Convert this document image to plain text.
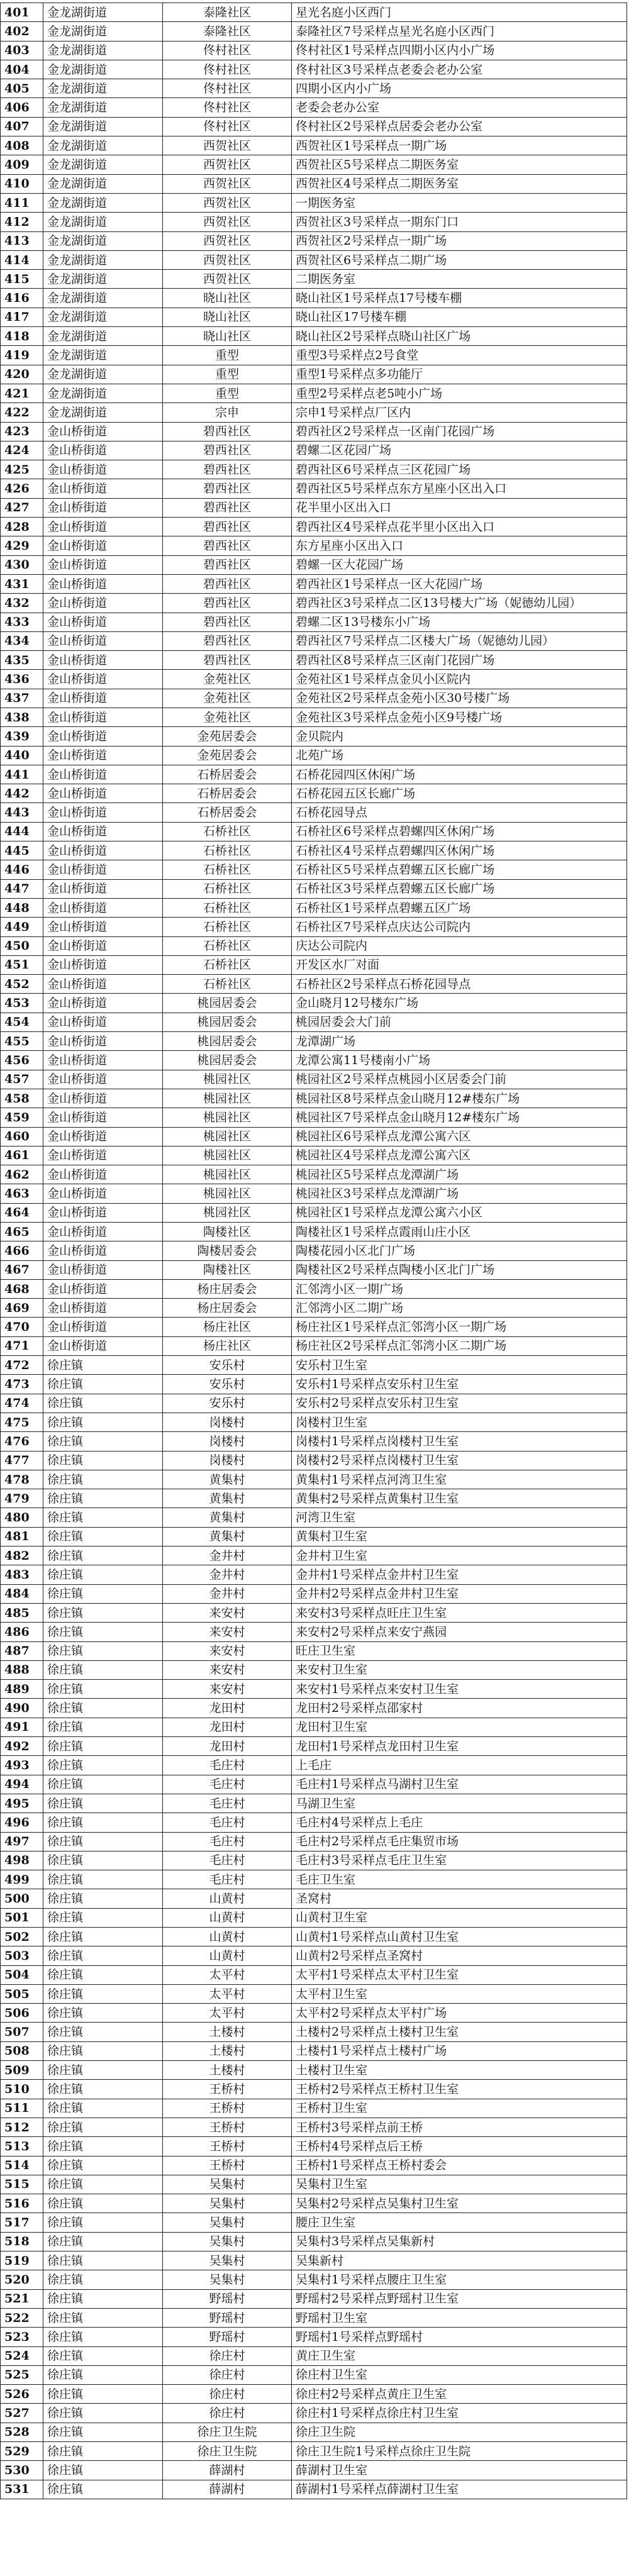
401	金龙湖街道	泰隆社区	星光名庭小区西门
402	金龙湖街道	泰隆社区	泰隆社区7号采样点星光名庭小区西门
403	金龙湖街道	佟村社区	佟村社区1号采样点四期小区内小广场
404	金龙湖街道	佟村社区	佟村社区3号采样点老委会老办公室
405	金龙湖街道	佟村社区	四期小区内小广场
406	金龙湖街道	佟村社区	老委会老办公室
407	金龙湖街道	佟村社区	佟村社区2号采样点居委会老办公室
408	金龙湖街道	西贺社区	西贺社区1号采样点一期广场
409	金龙湖街道	西贺社区	西贺社区5号采样点二期医务室
410	金龙湖街道	西贺社区	西贺社区4号采样点二期医务室
411	金龙湖街道	西贺社区	一期医务室
412	金龙湖街道	西贺社区	西贺社区3号采样点一期东门口
413	金龙湖街道	西贺社区	西贺社区2号采样点一期广场
414	金龙湖街道	西贺社区	西贺社区6号采样点二期广场
415	金龙湖街道	西贺社区	二期医务室
416	金龙湖街道	晓山社区	晓山社区1号采样点17号楼车棚
417	金龙湖街道	晓山社区	晓山社区17号楼车棚
418	金龙湖街道	晓山社区	晓山社区2号采样点晓山社区广场
419	金龙湖街道	重型	重型3号采样点2号食堂
420	金龙湖街道	重型	重型1号采样点多功能厅
421	金龙湖街道	重型	重型2号采样点老5吨小广场
422	金龙湖街道	宗申	宗申1号采样点厂区内
423	金山桥街道	碧西社区	碧西社区2号采样点一区南门花园广场
424	金山桥街道	碧西社区	碧螺二区花园广场
425	金山桥街道	碧西社区	碧西社区6号采样点三区花园广场
426	金山桥街道	碧西社区	碧西社区5号采样点东方星座小区出入口
427	金山桥街道	碧西社区	花半里小区出入口
428	金山桥街道	碧西社区	碧西社区4号采样点花半里小区出入口
429	金山桥街道	碧西社区	东方星座小区出入口
430	金山桥街道	碧西社区	碧螺一区大花园广场
431	金山桥街道	碧西社区	碧西社区1号采样点一区大花园广场
432	金山桥街道	碧西社区	碧西社区3号采样点二区13号楼大广场（妮德幼儿园）
433	金山桥街道	碧西社区	碧螺二区13号楼东小广场
434	金山桥街道	碧西社区	碧西社区7号采样点二区楼大广场（妮德幼儿园）
435	金山桥街道	碧西社区	碧西社区8号采样点三区南门花园广场
436	金山桥街道	金苑社区	金苑社区1号采样点金贝小区院内
437	金山桥街道	金苑社区	金苑社区2号采样点金苑小区30号楼广场
438	金山桥街道	金苑社区	金苑社区3号采样点金苑小区9号楼广场
439	金山桥街道	金苑居委会	金贝院内
440	金山桥街道	金苑居委会	北苑广场
441	金山桥街道	石桥居委会	石桥花园四区休闲广场
442	金山桥街道	石桥居委会	石桥花园五区长廊广场
443	金山桥街道	石桥居委会	石桥花园导点
444	金山桥街道	石桥社区	石桥社区6号采样点碧螺四区休闲广场
445	金山桥街道	石桥社区	石桥社区4号采样点碧螺四区休闲广场
446	金山桥街道	石桥社区	石桥社区5号采样点碧螺五区长廊广场
447	金山桥街道	石桥社区	石桥社区3号采样点碧螺五区长廊广场
448	金山桥街道	石桥社区	石桥社区1号采样点碧螺五区广场
449	金山桥街道	石桥社区	石桥社区7号采样点庆达公司院内
450	金山桥街道	石桥社区	庆达公司院内
451	金山桥街道	石桥社区	开发区水厂对面
452	金山桥街道	石桥社区	石桥社区2号采样点石桥花园导点
453	金山桥街道	桃园居委会	金山晓月12号楼东广场
454	金山桥街道	桃园居委会	桃园居委会大门前
455	金山桥街道	桃园居委会	龙潭湖广场
456	金山桥街道	桃园居委会	龙潭公寓11号楼南小广场
457	金山桥街道	桃园社区	桃园社区2号采样点桃园小区居委会门前
458	金山桥街道	桃园社区	桃园社区8号采样点金山晓月12#楼东广场
459	金山桥街道	桃园社区	桃园社区7号采样点金山晓月12#楼东广场
460	金山桥街道	桃园社区	桃园社区6号采样点龙潭公寓六区
461	金山桥街道	桃园社区	桃园社区4号采样点龙潭公寓六区
462	金山桥街道	桃园社区	桃园社区5号采样点龙潭湖广场
463	金山桥街道	桃园社区	桃园社区3号采样点龙潭湖广场
464	金山桥街道	桃园社区	桃园社区1号采样点龙潭公寓六小区
465	金山桥街道	陶楼社区	陶楼社区1号采样点霞雨山庄小区
466	金山桥街道	陶楼居委会	陶楼花园小区北门广场
467	金山桥街道	陶楼社区	陶楼社区2号采样点陶楼小区北门广场
468	金山桥街道	杨庄居委会	汇邻湾小区一期广场
469	金山桥街道	杨庄居委会	汇邻湾小区二期广场
470	金山桥街道	杨庄社区	杨庄社区1号采样点汇邻湾小区一期广场
471	金山桥街道	杨庄社区	杨庄社区2号采样点汇邻湾小区二期广场
472	徐庄镇	安乐村	安乐村卫生室
473	徐庄镇	安乐村	安乐村1号采样点安乐村卫生室
474	徐庄镇	安乐村	安乐村2号采样点安乐村卫生室
475	徐庄镇	岗楼村	岗楼村卫生室
476	徐庄镇	岗楼村	岗楼村1号采样点岗楼村卫生室
477	徐庄镇	岗楼村	岗楼村2号采样点岗楼村卫生室
478	徐庄镇	黄集村	黄集村1号采样点河湾卫生室
479	徐庄镇	黄集村	黄集村2号采样点黄集村卫生室
480	徐庄镇	黄集村	河湾卫生室
481	徐庄镇	黄集村	黄集村卫生室
482	徐庄镇	金井村	金井村卫生室
483	徐庄镇	金井村	金井村1号采样点金井村卫生室
484	徐庄镇	金井村	金井村2号采样点金井村卫生室
485	徐庄镇	来安村	来安村3号采样点旺庄卫生室
486	徐庄镇	来安村	来安村2号采样点来安宁燕园
487	徐庄镇	来安村	旺庄卫生室
488	徐庄镇	来安村	来安村卫生室
489	徐庄镇	来安村	来安村1号采样点来安村卫生室
490	徐庄镇	龙田村	龙田村2号采样点邵家村
491	徐庄镇	龙田村	龙田村卫生室
492	徐庄镇	龙田村	龙田村1号采样点龙田村卫生室
493	徐庄镇	毛庄村	上毛庄
494	徐庄镇	毛庄村	毛庄村1号采样点马湖村卫生室
495	徐庄镇	毛庄村	马湖卫生室
496	徐庄镇	毛庄村	毛庄村4号采样点上毛庄
497	徐庄镇	毛庄村	毛庄村2号采样点毛庄集贸市场
498	徐庄镇	毛庄村	毛庄村3号采样点毛庄卫生室
499	徐庄镇	毛庄村	毛庄卫生室
500	徐庄镇	山黄村	圣窝村
501	徐庄镇	山黄村	山黄村卫生室
502	徐庄镇	山黄村	山黄村1号采样点山黄村卫生室
503	徐庄镇	山黄村	山黄村2号采样点圣窝村
504	徐庄镇	太平村	太平村1号采样点太平村卫生室
505	徐庄镇	太平村	太平村卫生室
506	徐庄镇	太平村	太平村2号采样点太平村广场
507	徐庄镇	土楼村	土楼村2号采样点土楼村卫生室
508	徐庄镇	土楼村	土楼村1号采样点土楼村广场
509	徐庄镇	土楼村	土楼村卫生室
510	徐庄镇	王桥村	王桥村2号采样点王桥村卫生室
511	徐庄镇	王桥村	王桥村卫生室
512	徐庄镇	王桥村	王桥村3号采样点前王桥
513	徐庄镇	王桥村	王桥村4号采样点后王桥
514	徐庄镇	王桥村	王桥村1号采样点王桥村委会
515	徐庄镇	吴集村	吴集村卫生室
516	徐庄镇	吴集村	吴集村2号采样点吴集村卫生室
517	徐庄镇	吴集村	腰庄卫生室
518	徐庄镇	吴集村	吴集村3号采样点吴集新村
519	徐庄镇	吴集村	吴集新村
520	徐庄镇	吴集村	吴集村1号采样点腰庄卫生室
521	徐庄镇	野瑶村	野瑶村2号采样点野瑶村卫生室
522	徐庄镇	野瑶村	野瑶村卫生室
523	徐庄镇	野瑶村	野瑶村1号采样点野瑶村
524	徐庄镇	徐庄村	黄庄卫生室
525	徐庄镇	徐庄村	徐庄村卫生室
526	徐庄镇	徐庄村	徐庄村2号采样点黄庄卫生室
527	徐庄镇	徐庄村	徐庄村1号采样点徐庄村卫生室
528	徐庄镇	徐庄卫生院	徐庄卫生院
529	徐庄镇	徐庄卫生院	徐庄卫生院1号采样点徐庄卫生院
530	徐庄镇	薛湖村	薛湖村卫生室
531	徐庄镇	薛湖村	薛湖村1号采样点薛湖村卫生室
